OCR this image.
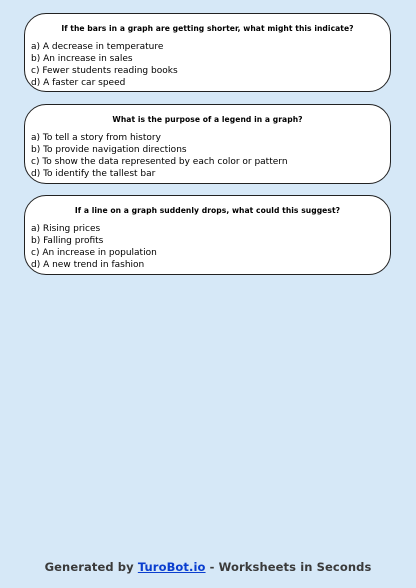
If the bars in a graph are getting shorter, what might this indicate?
a) A decrease in temperature
b) An increase in sales
c) Fewer students reading books
d) A faster car speed
What is the purpose of a legend in a graph?
a) To tell a story from history
b) To provide navigation directions
c) To show the data represented by each color or pattern
d) To identify the tallest bar
If a line on a graph suddenly drops, what could this suggest?
a) Rising prices
b) Falling profits
c) An increase in population
d) A new trend in fashion
Generated by TuroBot.io - Worksheets in Seconds
